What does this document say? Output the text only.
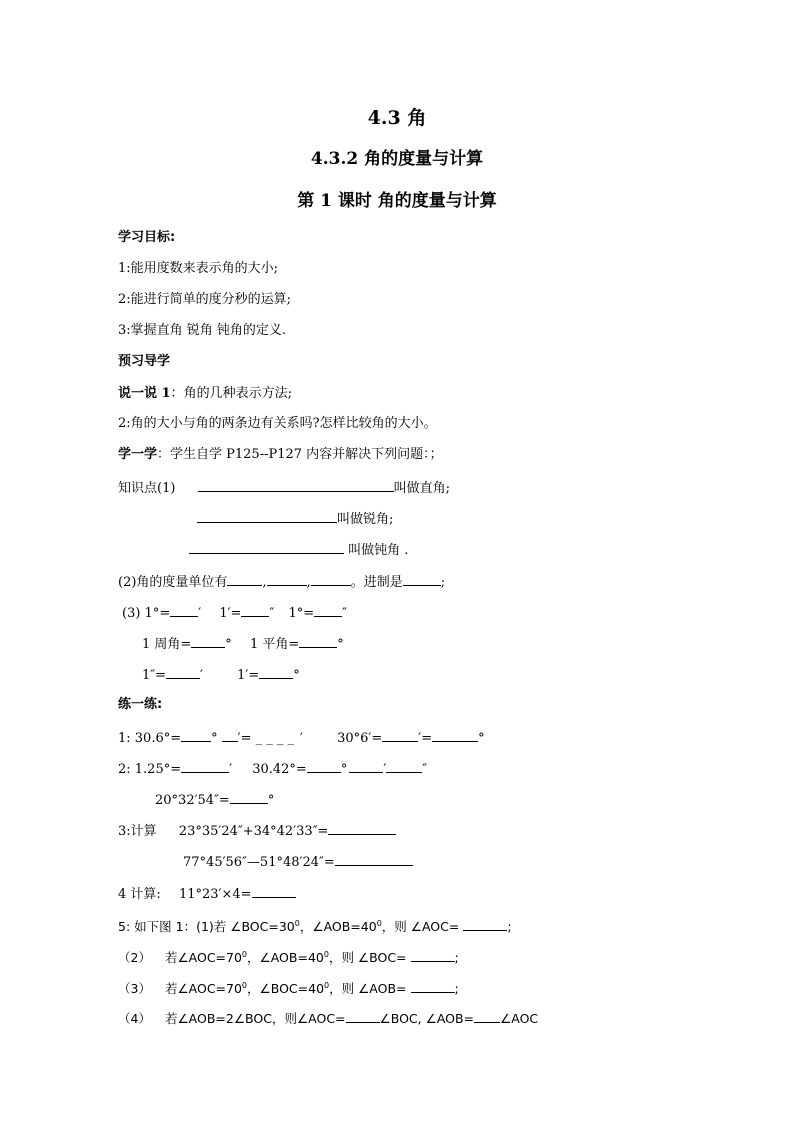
4.3 角
4.3.2 角的度量与计算
第 1 课时 角的度量与计算
学习目标:
1:能用度数来表示角的大小;
2:能进行简单的度分秒的运算;
3:掌握直角 锐角 钝角的定义.
预习导学
说一说 1：角的几种表示方法;
2:角的大小与角的两条边有关系吗?怎样比较角的大小。
学一学：学生自学 P125--P127 内容并解决下列问题：；
知识点(1)	叫做直角;
叫做锐角;
叫做钝角 .
(2)角的度量单位有	,	,	。进制是	;
(3) 1°= ′ 1′= ″ 1°= ″
1 周角=	° 1 平角=	°
1″=	′	1′=	°
练一练:
1: 30.6°= ° ′= _ _ _ _ ′	30°6′=	′=	°
2: 1.25°=	′ 30.42°=	°	′	″
20°32′54″=	°
3:计算 23°35′24″+34°42′33″=
77°45′56″—51°48′24″=
4 计算: 11°23′×4=
5: 如下图 1：(1)若 $\angle BOC=30^0$，$\angle AOB=40^0$，则 ∠AOC=	;
（2） 若$\angle AOC=70^0$，$\angle AOB=40^0$，则 ∠BOC=	;
（3） 若$\angle AOC=70^0$，$\angle BOC=40^0$，则 ∠AOB=	;
（4） 若∠AOB=2∠BOC，则∠AOC=	∠BOC, ∠AOB= ∠AOC
